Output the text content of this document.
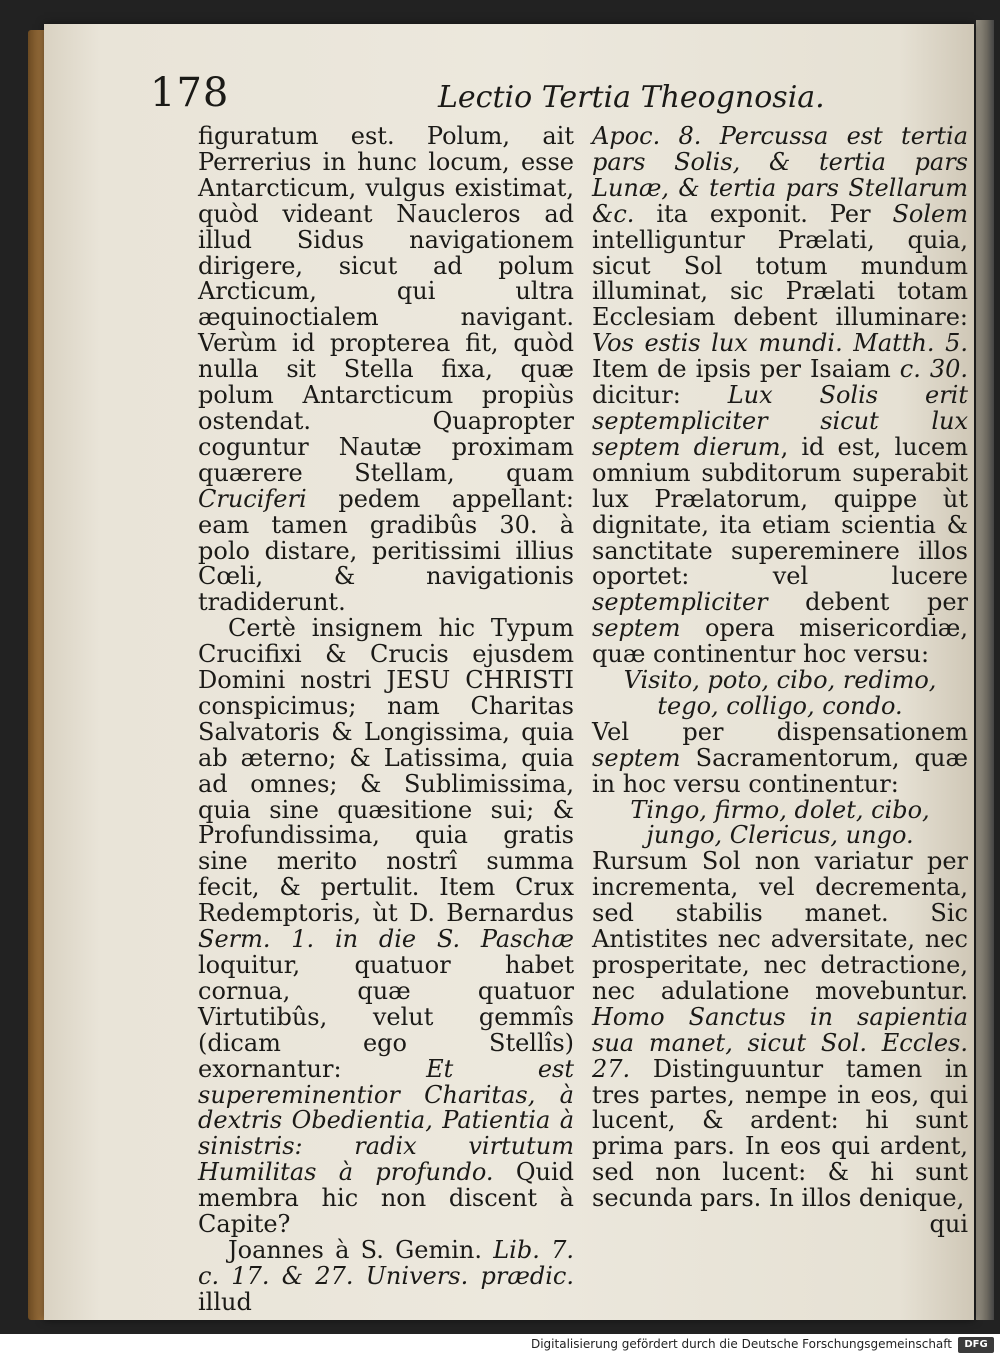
178	Lectio Tertia Theognosia.

figuratum est. Polum, ait Perrerius in hunc locum, esse Antarcticum, vulgus existimat, quòd videant Naucleros ad illud Sidus navigationem dirigere, sicut ad polum Arcticum, qui ultra æquinoctialem navigant. Verùm id propterea fit, quòd nulla sit Stella fixa, quæ polum Antarcticum propiùs ostendat. Quapropter coguntur Nautæ proximam quærere Stellam, quam Cruciferi pedem appellant: eam tamen gradibûs 30. à polo distare, peritissimi illius Cœli, & navigationis tradiderunt.

Certè insignem hic Typum Crucifixi & Crucis ejusdem Domini nostri JESU CHRISTI conspicimus; nam Charitas Salvatoris & Longissima, quia ab æterno; & Latissima, quia ad omnes; & Sublimissima, quia sine quæsitione sui; & Profundissima, quia gratis sine merito nostrî summa fecit, & pertulit. Item Crux Redemptoris, ùt D. Bernardus Serm. 1. in die S. Paschæ loquitur, quatuor habet cornua, quæ quatuor Virtutibûs, velut gemmîs (dicam ego Stellîs) exornantur: Et est supereminentior Charitas, à dextris Obedientia, Patientia à sinistris: radix virtutum Humilitas à profundo. Quid membra hic non discent à Capite?

Joannes à S. Gemin. Lib. 7. c. 17. & 27. Univers. prædic. illud

Apoc. 8. Percussa est tertia pars Solis, & tertia pars Lunæ, & tertia pars Stellarum &c. ita exponit. Per Solem intelliguntur Prælati, quia, sicut Sol totum mundum illuminat, sic Prælati totam Ecclesiam debent illuminare: Vos estis lux mundi. Matth. 5. Item de ipsis per Isaiam c. 30. dicitur: Lux Solis erit septempliciter sicut lux septem dierum, id est, lucem omnium subditorum superabit lux Prælatorum, quippe ùt dignitate, ita etiam scientia & sanctitate supereminere illos oportet: vel lucere septempliciter debent per septem opera misericordiæ, quæ continentur hoc versu:

Visito, poto, cibo, redimo, tego, colligo, condo.

Vel per dispensationem septem Sacramentorum, quæ in hoc versu continentur:

Tingo, firmo, dolet, cibo, jungo, Clericus, ungo.

Rursum Sol non variatur per incrementa, vel decrementa, sed stabilis manet. Sic Antistites nec adversitate, nec prosperitate, nec detractione, nec adulatione movebuntur. Homo Sanctus in sapientia sua manet, sicut Sol. Eccles. 27. Distinguuntur tamen in tres partes, nempe in eos, qui lucent, & ardent: hi sunt prima pars. In eos qui ardent, sed non lucent: & hi sunt secunda pars. In illos denique,

qui

Digitalisierung gefördert durch die Deutsche Forschungsgemeinschaft	DFG
